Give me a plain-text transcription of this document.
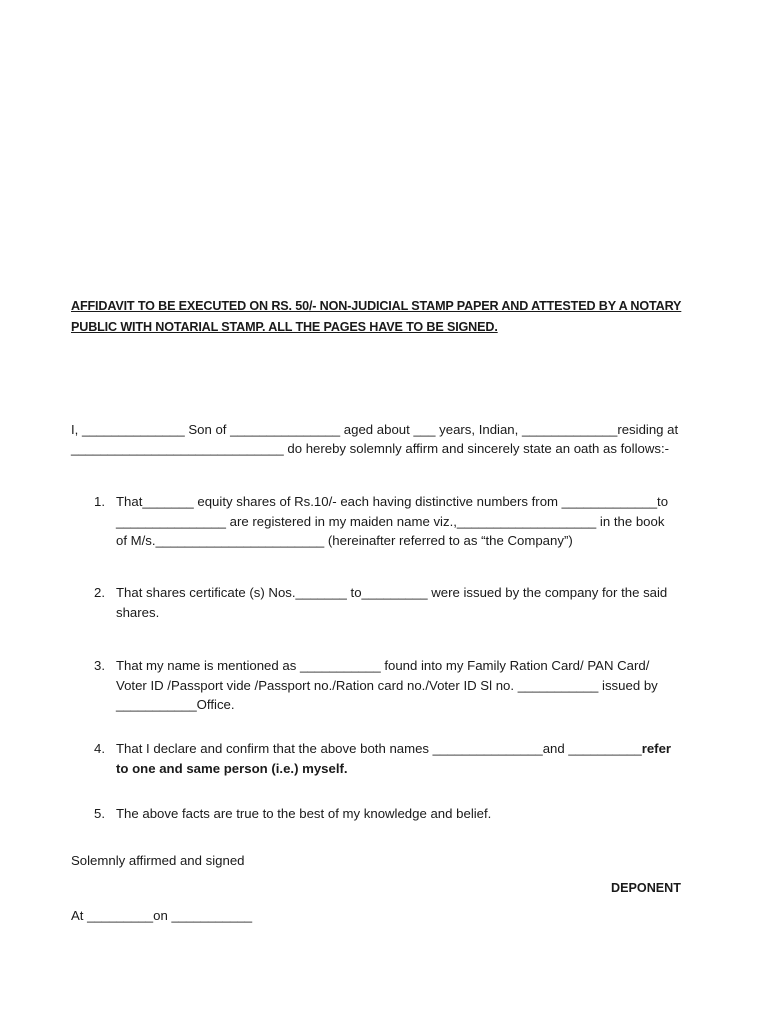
AFFIDAVIT TO BE EXECUTED ON RS. 50/- NON-JUDICIAL STAMP PAPER AND ATTESTED BY A NOTARY
PUBLIC WITH NOTARIAL STAMP. ALL THE PAGES HAVE TO BE SIGNED.
I, ______________ Son of _______________ aged about ___ years, Indian, _____________residing at
_____________________________ do hereby solemnly affirm and sincerely state an oath as follows:-
1. That_______ equity shares of Rs.10/- each having distinctive numbers from _____________to
_______________ are registered in my maiden name viz.,___________________ in the book
of M/s._______________________ (hereinafter referred to as “the Company”)
2. That shares certificate (s) Nos._______ to_________ were issued by the company for the said
shares.
3. That my name is mentioned as ___________ found into my Family Ration Card/ PAN Card/
Voter ID /Passport vide /Passport no./Ration card no./Voter ID Sl no. ___________ issued by
___________Office.
4. That I declare and confirm that the above both names _______________and __________refer
to one and same person (i.e.) myself.
5. The above facts are true to the best of my knowledge and belief.
Solemnly affirmed and signed
DEPONENT
At _________on ___________
